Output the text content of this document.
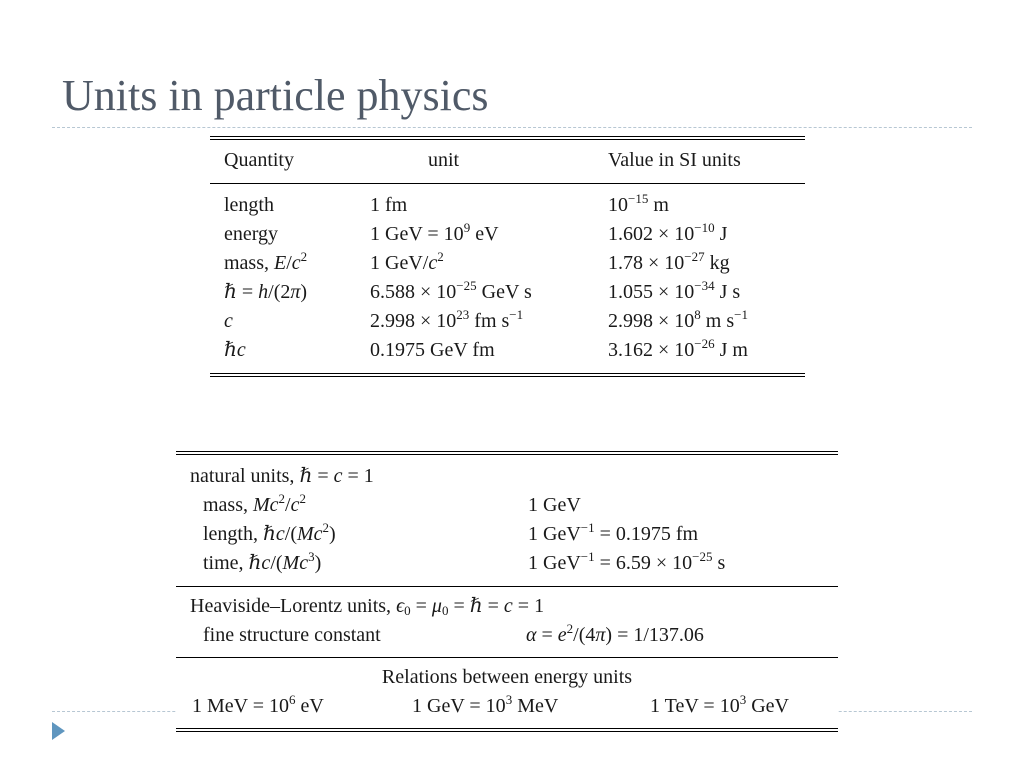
Units in particle physics
Quantity	unit	Value in SI units
length	1 fm	$10^{-15}$ m
energy	1 GeV = $10^9$ eV	$1.602 \times 10^{-10}$ J
mass, $E/c^2$	1 GeV/$c^2$	$1.78 \times 10^{-27}$ kg
ℏ = h/(2π)	$6.588 \times 10^{-25}$ GeV s	$1.055 \times 10^{-34}$ J s
c	$2.998 \times 10^{23}$ fm $s^{-1}$	$2.998 \times 10^8$ m $s^{-1}$
ℏc	0.1975 GeV fm	$3.162 \times 10^{-26}$ J m
natural units, ℏ = c = 1
mass, $Mc^2/c^2$	1 GeV
length, ℏc/(Mc$^2$)	1 GeV$^{-1}$ = 0.1975 fm
time, ℏc/(Mc$^3$)	1 $GeV^{-1} = 6.59 \times 10^{-25}$ s
Heaviside–Lorentz units, $\epsilon_0 = \mu_0$ = ℏ = c = 1
fine structure constant	$\alpha = e^2/(4\pi) = 1/137.06$
Relations between energy units
1 MeV = $10^6$ eV	1 GeV = $10^3$ MeV	1 TeV = $10^3$ GeV
